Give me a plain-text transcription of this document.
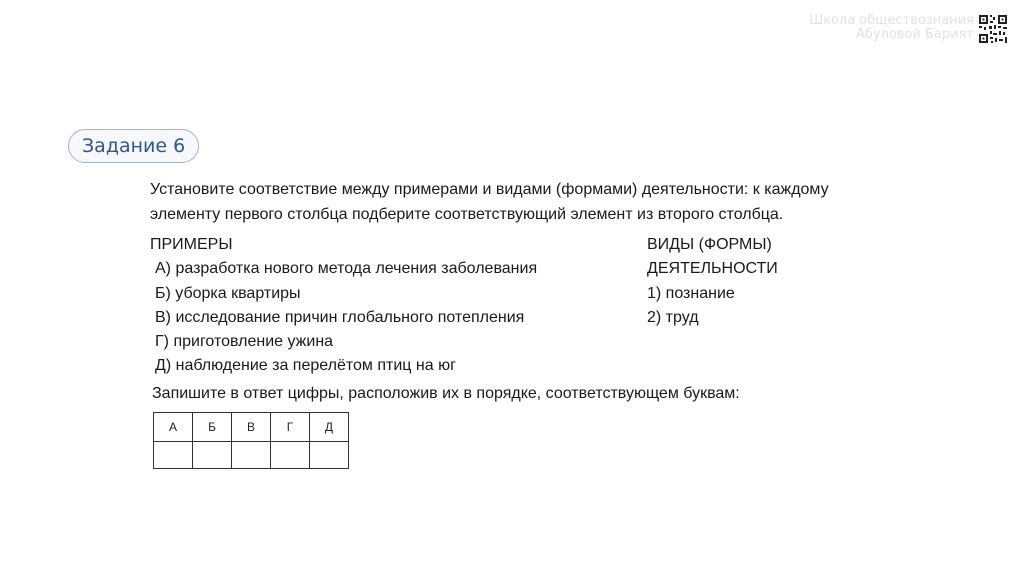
Школа обществознания
Абуловой Барият
Задание 6

Установите соответствие между примерами и видами (формами) деятельности: к каждому
элементу первого столбца подберите соответствующий элемент из второго столбца.

ПРИМЕРЫ
А) разработка нового метода лечения заболевания
Б) уборка квартиры
В) исследование причин глобального потепления
Г) приготовление ужина
Д) наблюдение за перелётом птиц на юг
ВИДЫ (ФОРМЫ)
ДЕЯТЕЛЬНОСТИ
1) познание
2) труд
Запишите в ответ цифры, расположив их в порядке, соответствующем буквам:
А	Б	В	Г	Д
